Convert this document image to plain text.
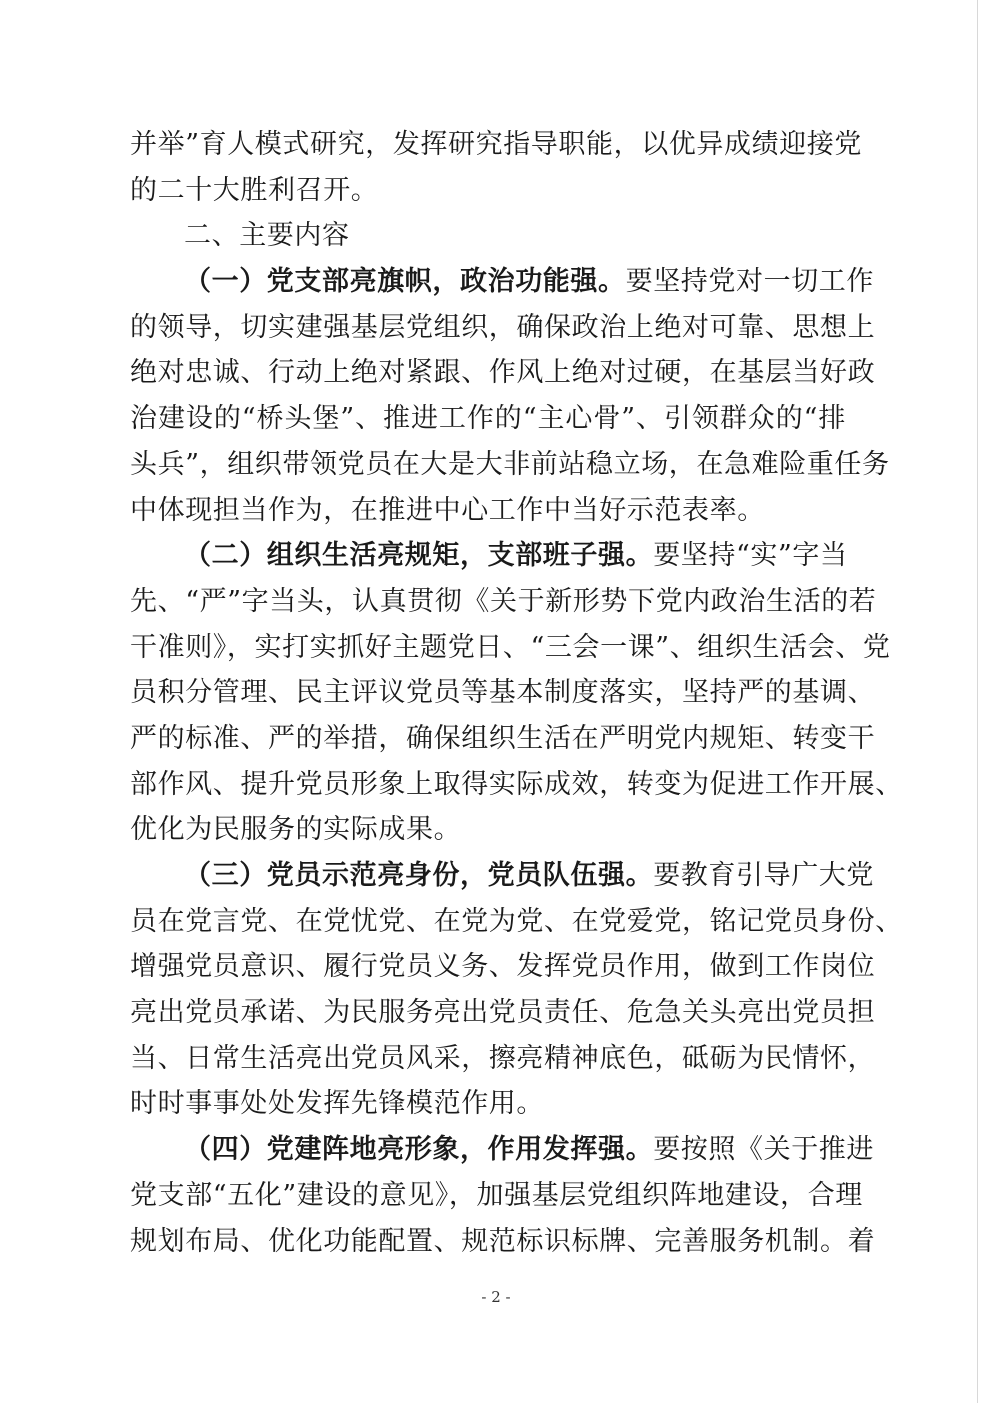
并举”育人模式研究，发挥研究指导职能，以优异成绩迎接党
的二十大胜利召开。
二、主要内容
（一）党支部亮旗帜，政治功能强。要坚持党对一切工作
的领导，切实建强基层党组织，确保政治上绝对可靠、思想上
绝对忠诚、行动上绝对紧跟、作风上绝对过硬，在基层当好政
治建设的“桥头堡”、推进工作的“主心骨”、引领群众的“排
头兵”，组织带领党员在大是大非前站稳立场，在急难险重任务
中体现担当作为，在推进中心工作中当好示范表率。
（二）组织生活亮规矩，支部班子强。要坚持“实”字当
先、“严”字当头，认真贯彻《关于新形势下党内政治生活的若
干准则》，实打实抓好主题党日、“三会一课”、组织生活会、党
员积分管理、民主评议党员等基本制度落实，坚持严的基调、
严的标准、严的举措，确保组织生活在严明党内规矩、转变干
部作风、提升党员形象上取得实际成效，转变为促进工作开展、
优化为民服务的实际成果。
（三）党员示范亮身份，党员队伍强。要教育引导广大党
员在党言党、在党忧党、在党为党、在党爱党，铭记党员身份、
增强党员意识、履行党员义务、发挥党员作用，做到工作岗位
亮出党员承诺、为民服务亮出党员责任、危急关头亮出党员担
当、日常生活亮出党员风采，擦亮精神底色，砥砺为民情怀，
时时事事处处发挥先锋模范作用。
（四）党建阵地亮形象，作用发挥强。要按照《关于推进
党支部“五化”建设的意见》，加强基层党组织阵地建设，合理
规划布局、优化功能配置、规范标识标牌、完善服务机制。着
- 2 -
